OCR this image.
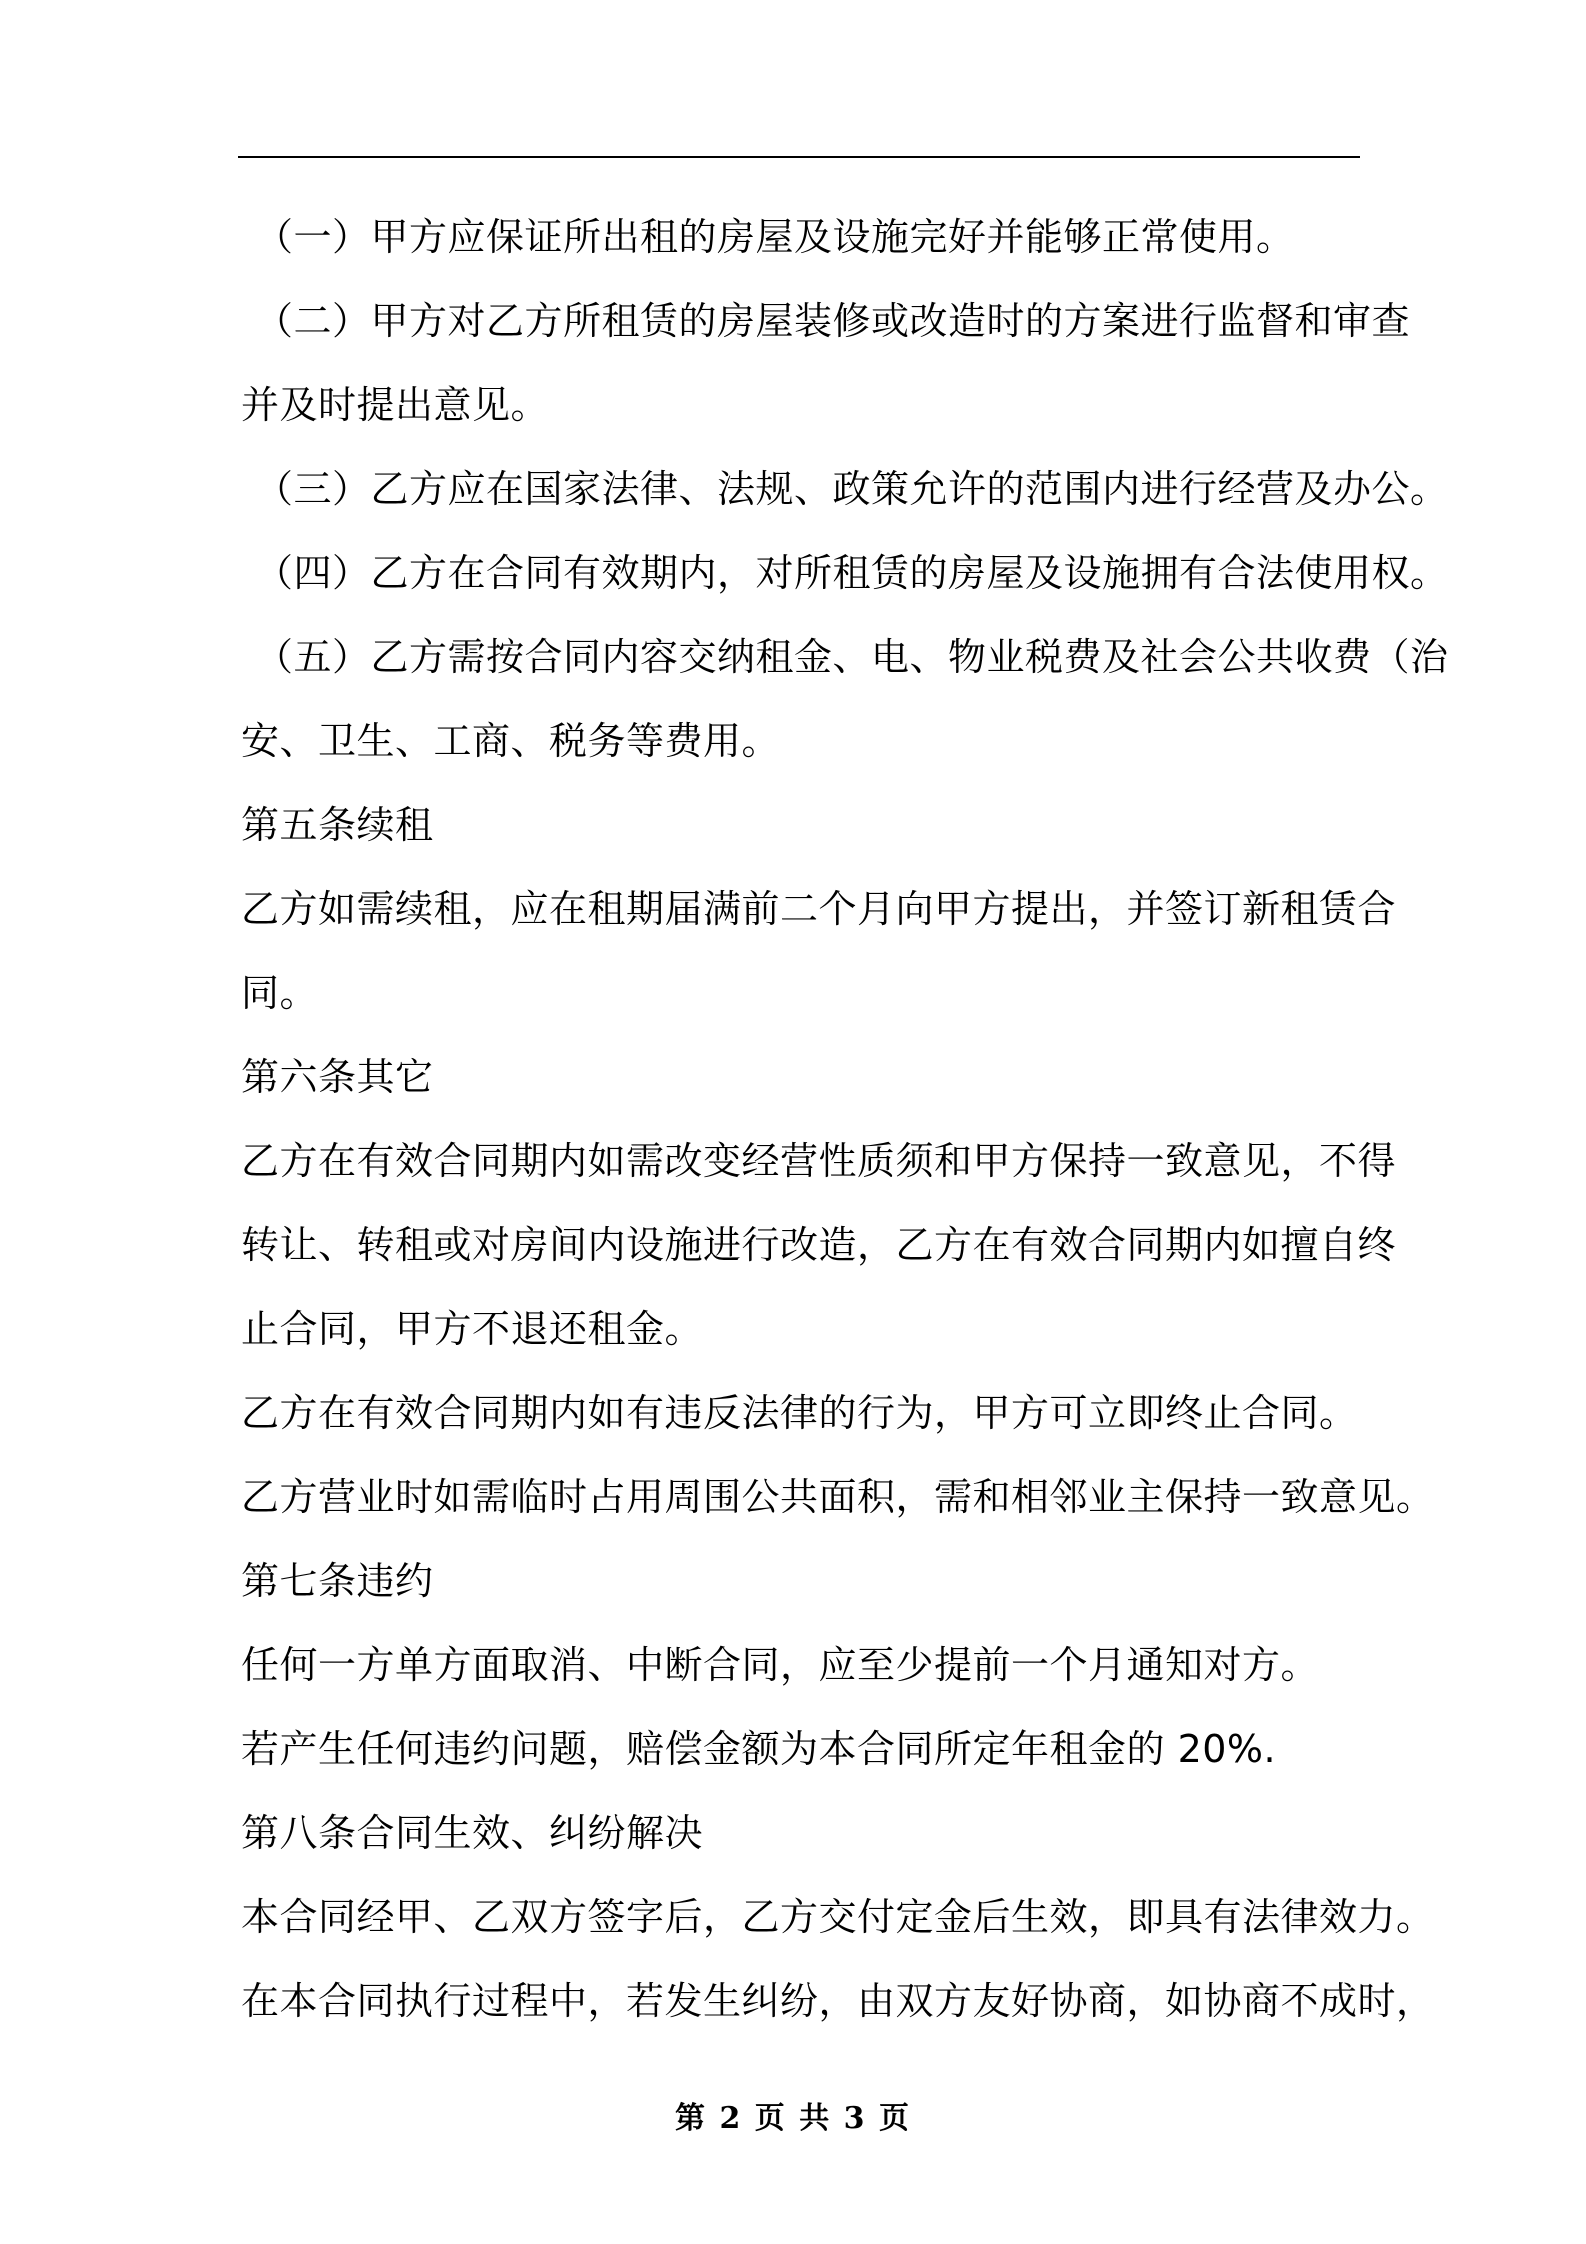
（一）甲方应保证所出租的房屋及设施完好并能够正常使用。
（二）甲方对乙方所租赁的房屋装修或改造时的方案进行监督和审查
并及时提出意见。
（三）乙方应在国家法律、法规、政策允许的范围内进行经营及办公。
（四）乙方在合同有效期内，对所租赁的房屋及设施拥有合法使用权。
（五）乙方需按合同内容交纳租金、电、物业税费及社会公共收费（治
安、卫生、工商、税务等费用。
第五条续租
乙方如需续租，应在租期届满前二个月向甲方提出，并签订新租赁合
同。
第六条其它
乙方在有效合同期内如需改变经营性质须和甲方保持一致意见，不得
转让、转租或对房间内设施进行改造，乙方在有效合同期内如擅自终
止合同，甲方不退还租金。
乙方在有效合同期内如有违反法律的行为，甲方可立即终止合同。
乙方营业时如需临时占用周围公共面积，需和相邻业主保持一致意见。
第七条违约
任何一方单方面取消、中断合同，应至少提前一个月通知对方。
若产生任何违约问题，赔偿金额为本合同所定年租金的 20%.
第八条合同生效、纠纷解决
本合同经甲、乙双方签字后，乙方交付定金后生效，即具有法律效力。
在本合同执行过程中，若发生纠纷，由双方友好协商，如协商不成时，
第 2 页 共 3 页
